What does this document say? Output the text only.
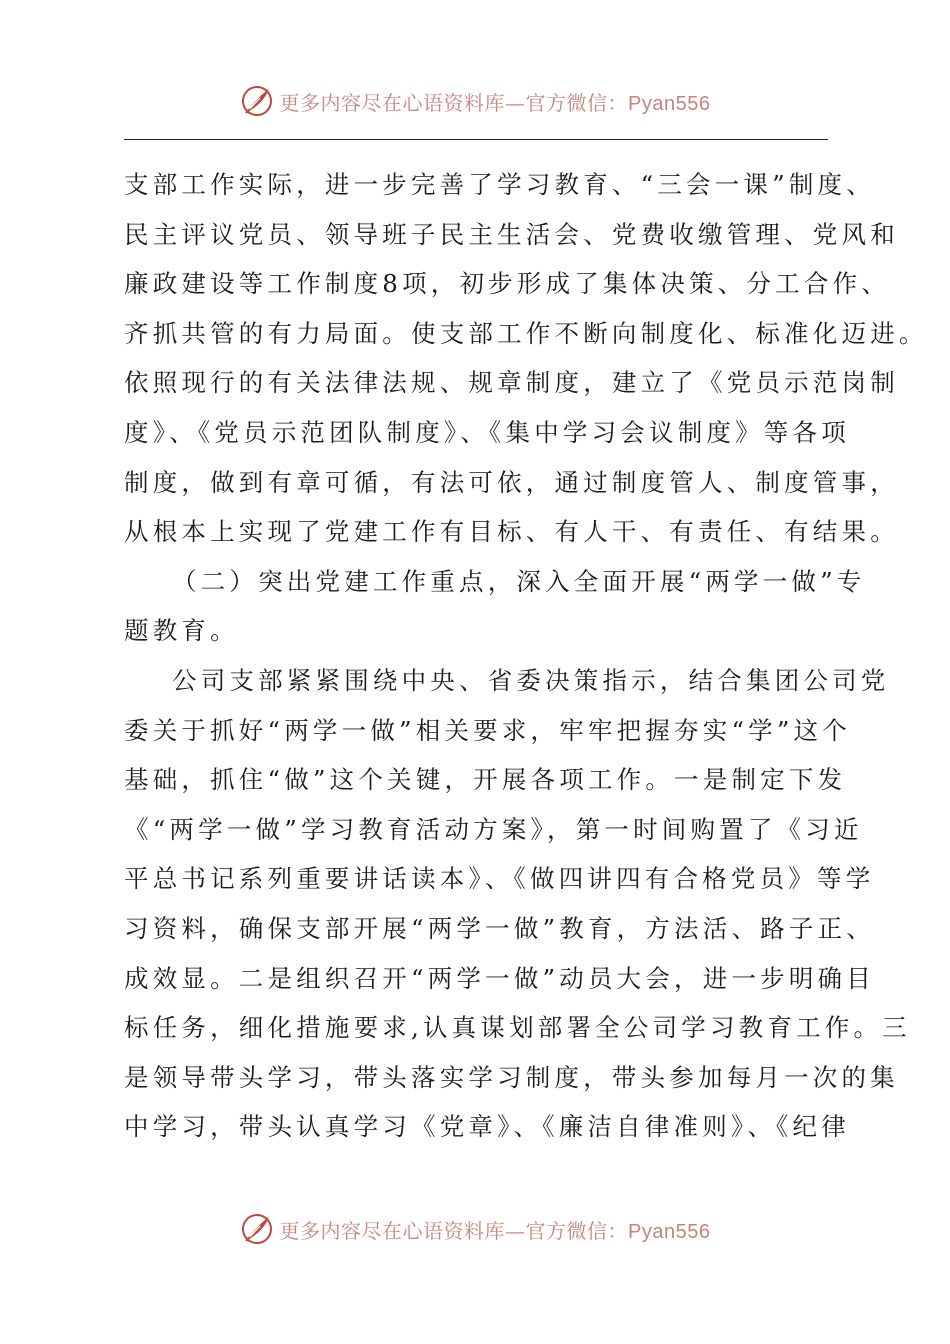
更多内容尽在心语资料库—官方微信：Pyan556
支部工作实际，进一步完善了学习教育、“三会一课”制度、
民主评议党员、领导班子民主生活会、党费收缴管理、党风和
廉政建设等工作制度8项，初步形成了集体决策、分工合作、
齐抓共管的有力局面。使支部工作不断向制度化、标准化迈进。
依照现行的有关法律法规、规章制度，建立了《党员示范岗制
度》、《党员示范团队制度》、《集中学习会议制度》等各项
制度，做到有章可循，有法可依，通过制度管人、制度管事，
从根本上实现了党建工作有目标、有人干、有责任、有结果。
（二）突出党建工作重点，深入全面开展“两学一做”专
题教育。
公司支部紧紧围绕中央、省委决策指示，结合集团公司党
委关于抓好“两学一做”相关要求，牢牢把握夯实“学”这个
基础，抓住“做”这个关键，开展各项工作。一是制定下发
《“两学一做”学习教育活动方案》，第一时间购置了《习近
平总书记系列重要讲话读本》、《做四讲四有合格党员》等学
习资料，确保支部开展“两学一做”教育，方法活、路子正、
成效显。二是组织召开“两学一做”动员大会，进一步明确目
标任务，细化措施要求,认真谋划部署全公司学习教育工作。三
是领导带头学习，带头落实学习制度，带头参加每月一次的集
中学习，带头认真学习《党章》、《廉洁自律准则》、《纪律
更多内容尽在心语资料库—官方微信：Pyan556
